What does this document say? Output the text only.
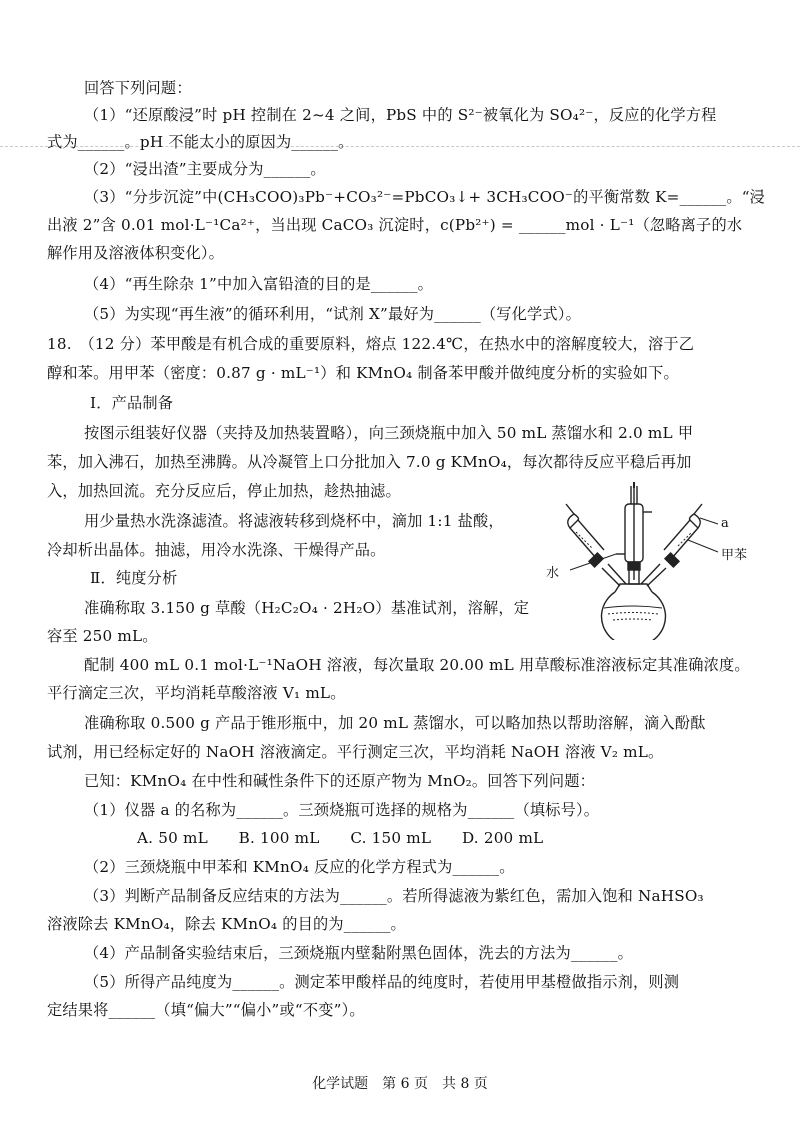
回答下列问题：
（1）“还原酸浸”时 pH 控制在 2~4 之间，PbS 中的 S²⁻被氧化为 SO₄²⁻，反应的化学方程
式为______。pH 不能太小的原因为______。
（2）“浸出渣”主要成分为______。
（3）“分步沉淀”中(CH₃COO)₃Pb⁻+CO₃²⁻=PbCO₃↓+ 3CH₃COO⁻的平衡常数 K=______。“浸
出液 2”含 0.01 mol·L⁻¹Ca²⁺，当出现 CaCO₃ 沉淀时，c(Pb²⁺) = ______mol · L⁻¹（忽略离子的水
解作用及溶液体积变化）。
（4）“再生除杂 1”中加入富铅渣的目的是______。
（5）为实现“再生液”的循环利用，“试剂 X”最好为______（写化学式）。
18.　（12 分）苯甲酸是有机合成的重要原料，熔点 122.4℃，在热水中的溶解度较大，溶于乙
醇和苯。用甲苯（密度：0.87 g · mL⁻¹）和 KMnO₄ 制备苯甲酸并做纯度分析的实验如下。
Ⅰ．产品制备
按图示组装好仪器（夹持及加热装置略），向三颈烧瓶中加入 50 mL 蒸馏水和 2.0 mL 甲
苯，加入沸石，加热至沸腾。从冷凝管上口分批加入 7.0 g KMnO₄，每次都待反应平稳后再加
入，加热回流。充分反应后，停止加热，趁热抽滤。
用少量热水洗涤滤渣。将滤液转移到烧杯中，滴加 1:1 盐酸，
冷却析出晶体。抽滤，用冷水洗涤、干燥得产品。
Ⅱ．纯度分析
准确称取 3.150 g 草酸（H₂C₂O₄ · 2H₂O）基准试剂，溶解，定
容至 250 mL。
配制 400 mL 0.1 mol·L⁻¹NaOH 溶液，每次量取 20.00 mL 用草酸标准溶液标定其准确浓度。
平行滴定三次，平均消耗草酸溶液 V₁ mL。
准确称取 0.500 g 产品于锥形瓶中，加 20 mL 蒸馏水，可以略加热以帮助溶解，滴入酚酞
试剂，用已经标定好的 NaOH 溶液滴定。平行测定三次，平均消耗 NaOH 溶液 V₂ mL。
已知：KMnO₄ 在中性和碱性条件下的还原产物为 MnO₂。回答下列问题：
（1）仪器 a 的名称为______。三颈烧瓶可选择的规格为______（填标号）。
A. 50 mL　　B. 100 mL　　C. 150 mL　　D. 200 mL
（2）三颈烧瓶中甲苯和 KMnO₄ 反应的化学方程式为______。
（3）判断产品制备反应结束的方法为______。若所得滤液为紫红色，需加入饱和 NaHSO₃
溶液除去 KMnO₄，除去 KMnO₄ 的目的为______。
（4）产品制备实验结束后，三颈烧瓶内壁黏附黑色固体，洗去的方法为______。
（5）所得产品纯度为______。测定苯甲酸样品的纯度时，若使用甲基橙做指示剂，则测
定结果将______（填“偏大”“偏小”或“不变”）。
a
甲苯
水
化学试题　第 6 页　共 8 页
